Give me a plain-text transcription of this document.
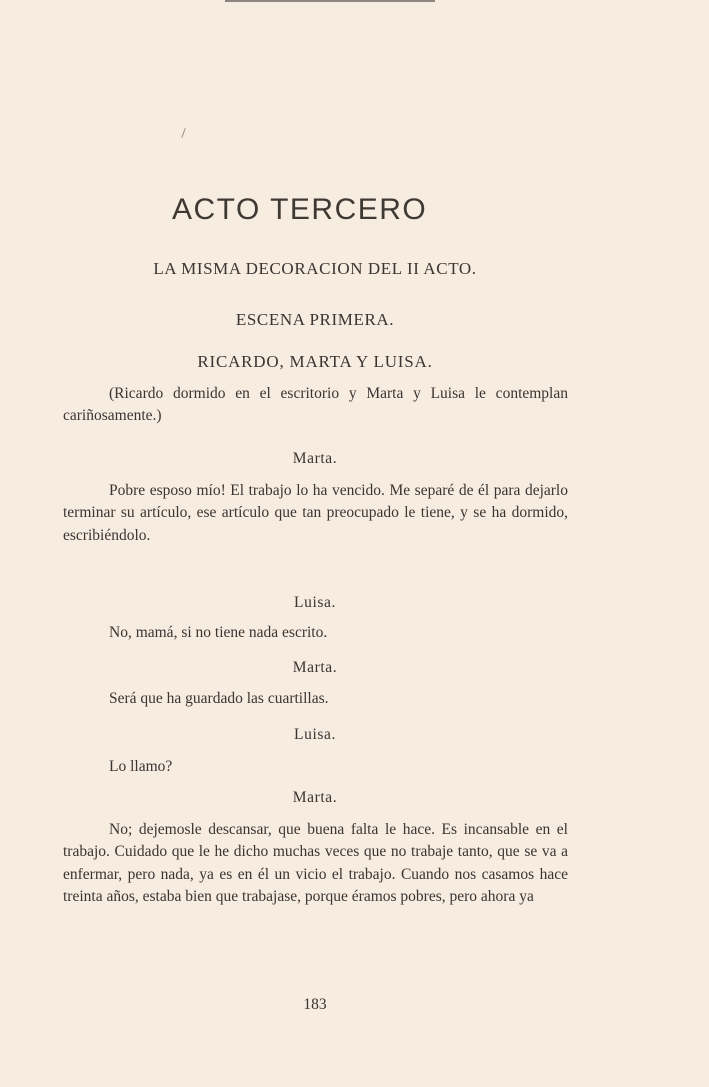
ACTO TERCERO
LA MISMA DECORACION DEL II ACTO.
ESCENA PRIMERA.
RICARDO, MARTA Y LUISA.
(Ricardo dormido en el escritorio y Marta y Luisa le contemplan cariñosamente.)
Marta.
Pobre esposo mío! El trabajo lo ha vencido. Me separé de él para dejarlo terminar su artículo, ese artículo que tan preocupado le tiene, y se ha dormido, escribiéndolo.
Luisa.
No, mamá, si no tiene nada escrito.
Marta.
Será que ha guardado las cuartillas.
Luisa.
Lo llamo?
Marta.
No; dejemosle descansar, que buena falta le hace. Es incansable en el trabajo. Cuidado que le he dicho muchas veces que no trabaje tanto, que se va a enfermar, pero nada, ya es en él un vicio el trabajo. Cuando nos casamos hace treinta años, estaba bien que trabajase, porque éramos pobres, pero ahora ya
183
